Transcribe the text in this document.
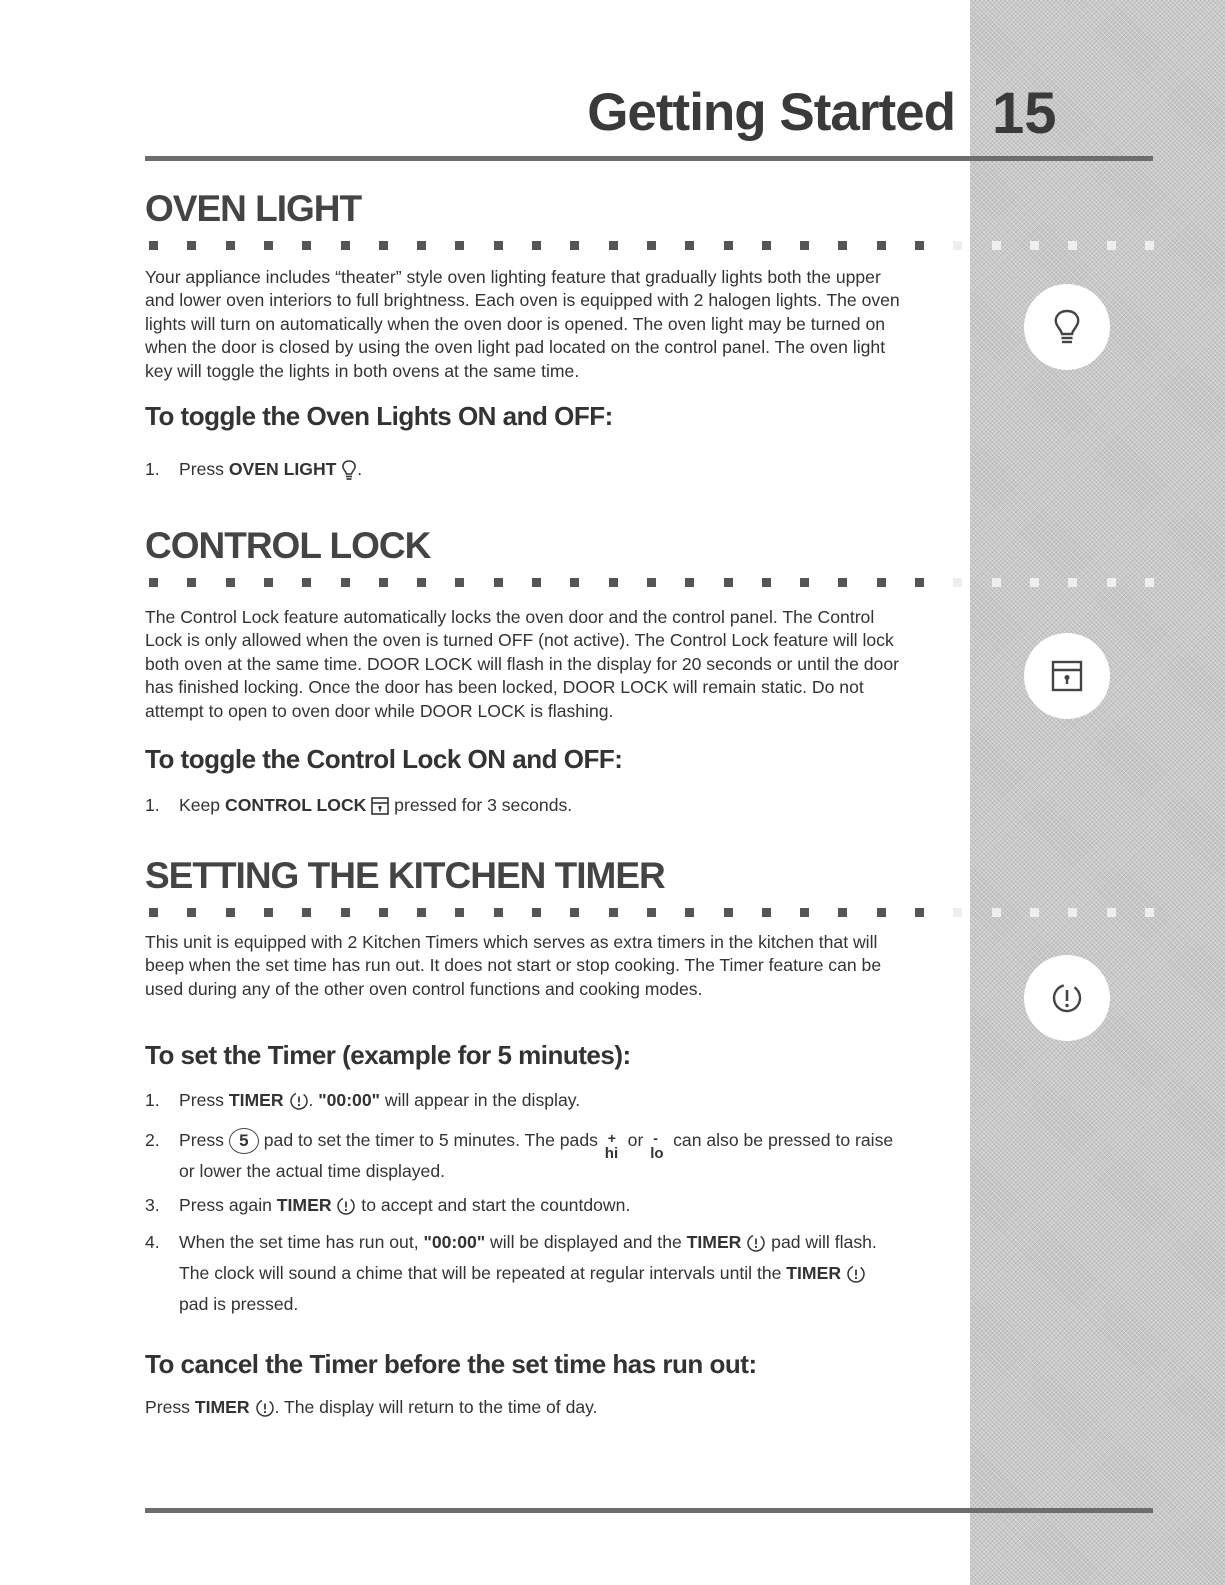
Getting Started 15
OVEN LIGHT
Your appliance includes “theater” style oven lighting feature that gradually lights both the upper
and lower oven interiors to full brightness. Each oven is equipped with 2 halogen lights. The oven
lights will turn on automatically when the oven door is opened. The oven light may be turned on
when the door is closed by using the oven light pad located on the control panel. The oven light
key will toggle the lights in both ovens at the same time.
To toggle the Oven Lights ON and OFF:
1. Press OVEN LIGHT .
CONTROL LOCK
The Control Lock feature automatically locks the oven door and the control panel. The Control
Lock is only allowed when the oven is turned OFF (not active). The Control Lock feature will lock
both oven at the same time. DOOR LOCK will flash in the display for 20 seconds or until the door
has finished locking. Once the door has been locked, DOOR LOCK will remain static. Do not
attempt to open to oven door while DOOR LOCK is flashing.
To toggle the Control Lock ON and OFF:
1. Keep CONTROL LOCK  pressed for 3 seconds.
SETTING THE KITCHEN TIMER
This unit is equipped with 2 Kitchen Timers which serves as extra timers in the kitchen that will
beep when the set time has run out. It does not start or stop cooking. The Timer feature can be
used during any of the other oven control functions and cooking modes.
To set the Timer (example for 5 minutes):
1. Press TIMER . "00:00" will appear in the display.
2. Press 5 pad to set the timer to 5 minutes. The pads +
hi
or -
lo
can also be pressed to raise
or lower the actual time displayed.
3. Press again TIMER  to accept and start the countdown.
4. When the set time has run out, "00:00" will be displayed and the TIMER  pad will flash.
The clock will sound a chime that will be repeated at regular intervals until the TIMER
pad is pressed.
To cancel the Timer before the set time has run out:
Press TIMER . The display will return to the time of day.
